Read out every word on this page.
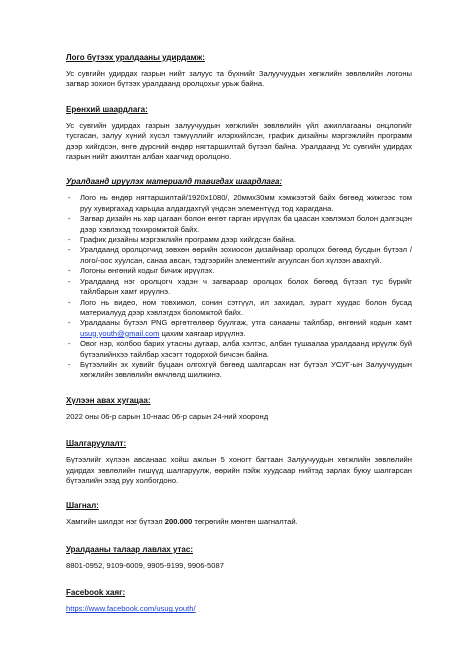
Лого бүтээх уралдааны удирдамж:

Ус сувгийн удирдах газрын нийт залуус та бүхнийг Залуучуудын хөгжлийн зөвлөлийн логоны загвар зохион бүтээх уралдаанд оролцохыг урьж байна.

Ерөнхий шаардлага:

Ус сувгийн удирдах газрын залуучуудын хөгжлийн зөвлөлийн үйл ажиллагааны онцлогийг тусгасан, залуу хүний хүсэл тэмүүллийг илэрхийлсэн, график дизайны мэргэжлийн программ дээр хийгдсэн, өнгө дүрсний өндөр нягтаршилтай бүтээл байна. Уралдаанд Ус сувгийн удирдах газрын нийт ажилтан албан хаагчид оролцоно.

Уралдаанд ирүүлэх материалд тавигдах шаардлага:
- Лого нь өндөр нягтаршилтай/1920x1080/, 20ммx30мм хэмжээтэй байх бөгөөд жижгээс том руу хувиргахад харьцаа алдагдахгүй үндсэн элементүүд тод харагдана.
- Загвар дизайн нь хар цагаан болон өнгөт гарган ирүүлэх ба цаасан хэвлэмэл болон дэлгэцэн дээр хэвлэхэд тохиромжтой байх.
- График дизайны мэргэжлийн программ дээр хийгдсэн байна.
- Уралдаанд оролцогчид зөвхөн өөрийн зохиосон дизайнаар оролцох бөгөөд бусдын бүтээл /лого/-оос хуулсан, санаа авсан, тэдгээрийн элементийг агуулсан бол хүлээн авахгүй.
- Логоны өнгөний кодыг бичиж ирүүлэх.
- Уралдаанд нэг оролцогч хэдэн ч загвараар оролцох болох бөгөөд бүтээл тус бүрийг тайлбарын хамт ирүүлнэ.
- Лого нь видео, ном товхимол, сонин сэтгүүл, ил захидал, зурагт хуудас болон бусад материалууд дээр хэвлэгдэх боломжтой байх.
- Уралдааны бүтээл PNG өргөтгөлөөр буулгаж, утга санааны тайлбар, өнгөний кодын хамт usug.youth@gmail.com цахим хаягаар ирүүлнэ.
- Овог нэр, холбоо барих утасны дугаар, алба хэлтэс, албан тушаалаа уралдаанд ирүүлж буй бүтээлийнхээ тайлбар хэсэгт тодорхой бичсэн байна.
- Бүтээлийн эх хувийг буцаан олгохгүй бөгөөд шалгарсан нэг бүтээл УСУГ-ын Залуучуудын хөгжлийн зөвлөлийн өмчлөлд шилжинэ.
Хүлээн авах хугацаа:
2022 оны 06-р сарын 10-наас 06-р сарын 24-ний хооронд
Шалгаруулалт:

Бүтээлийг хүлээн авсанаас хойш ажлын 5 хоногт багтаан Залуучуудын хөгжлийн зөвлөлийн удирдах зөвлөлийн гишүүд шалгаруулж, өөрийн пэйж хуудсаар нийтэд зарлах буюу шалгарсан бүтээлийн эзэд руу холбогдоно.

Шагнал:
Хамгийн шилдэг нэг бүтээл 200.000 төгрөгийн мөнгөн шагналтай.
Уралдааны талаар лавлах утас:
8801-0952, 9109-6009, 9905-9199, 9906-5087
Facebook хаяг:
https://www.facebook.com/usug.youth/
